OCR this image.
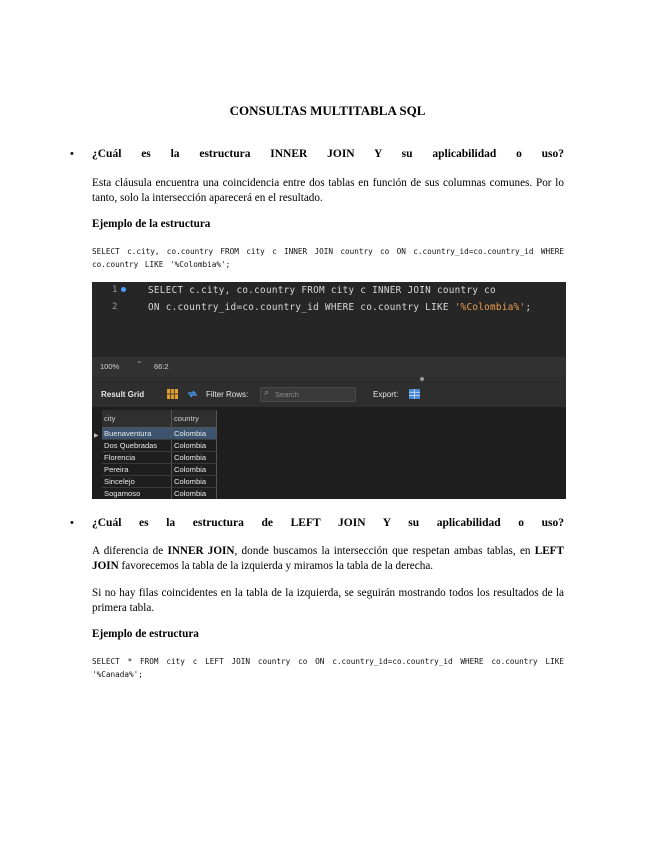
CONSULTAS MULTITABLA SQL
• ¿Cuál es la estructura INNER JOIN Y su aplicabilidad o uso?
Esta cláusula encuentra una coincidencia entre dos tablas en función de sus columnas comunes. Por lo tanto, solo la intersección aparecerá en el resultado.
Ejemplo de la estructura
SELECT c.city, co.country FROM city c INNER JOIN country co ON c.country_id=co.country_id WHERE co.country LIKE '%Colombia%';
1
2
SELECT c.city, co.country FROM city c INNER JOIN country co
ON c.country_id=co.country_id WHERE co.country LIKE '%Colombia%';
100% ⌃ 66:2
Result Grid	Filter Rows: ⌕
Search	Export:
▶
city	country
Buenaventura	Colombia
Dos Quebradas	Colombia
Florencia	Colombia
Pereira	Colombia
Sincelejo	Colombia
Sogamoso	Colombia
• ¿Cuál es la estructura de LEFT JOIN Y su aplicabilidad o uso?
A diferencia de INNER JOIN, donde buscamos la intersección que respetan ambas tablas, en LEFT JOIN favorecemos la tabla de la izquierda y miramos la tabla de la derecha.
Si no hay filas coincidentes en la tabla de la izquierda, se seguirán mostrando todos los resultados de la primera tabla.
Ejemplo de estructura
SELECT * FROM city c LEFT JOIN country co ON c.country_id=co.country_id WHERE co.country LIKE '%Canada%';
